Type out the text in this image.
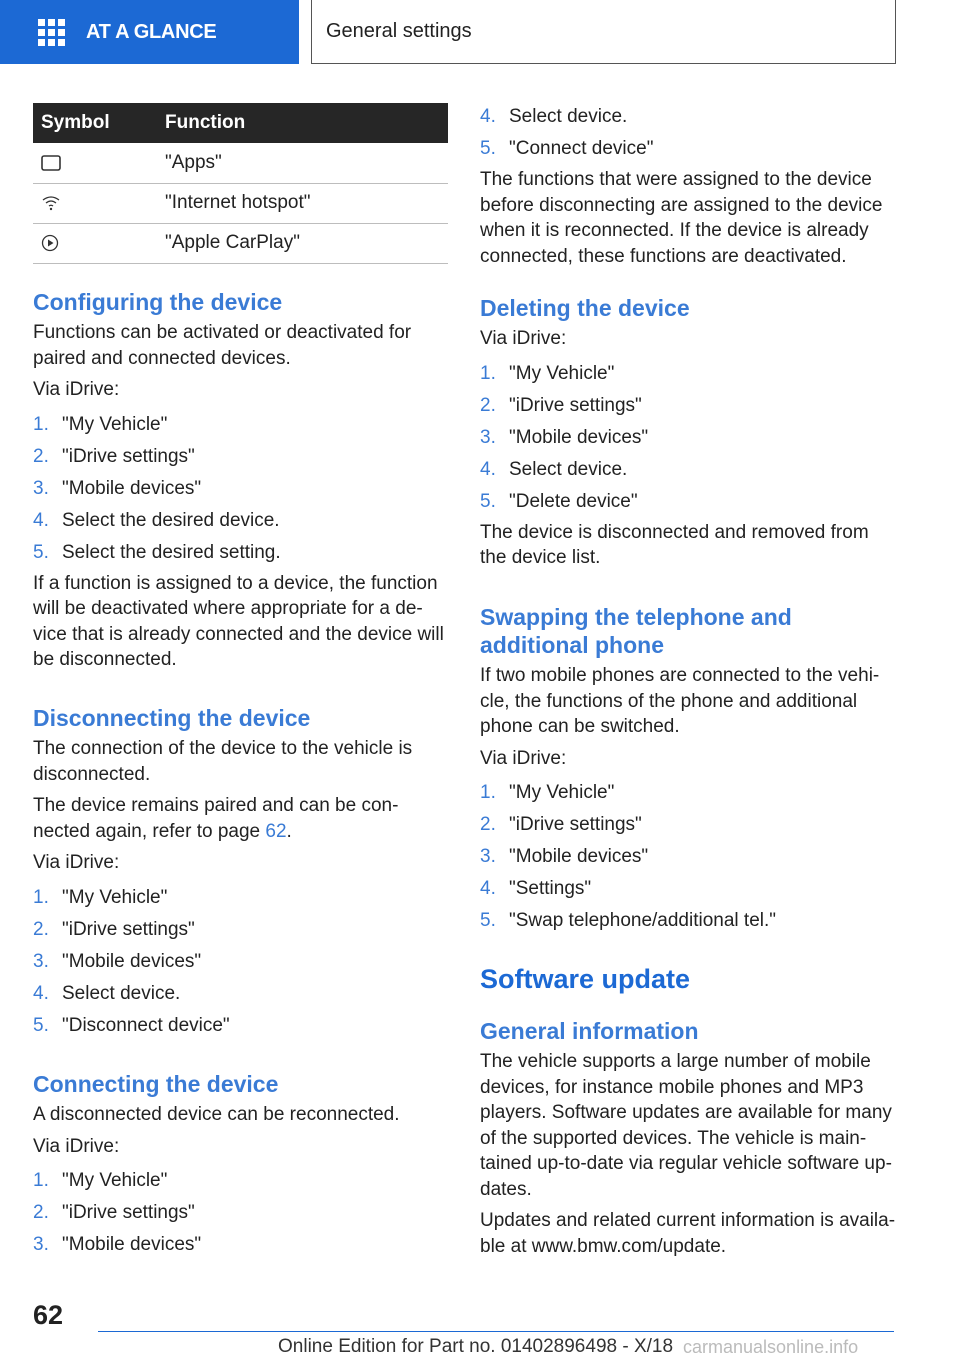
AT A GLANCE	General settings
Symbol	Function
	"Apps"
	"Internet hotspot"
	"Apple CarPlay"
Configuring the device

Functions can be activated or deactivated for paired and connected devices.

Via iDrive:

1. "My Vehicle"
2. "iDrive settings"
3. "Mobile devices"
4. Select the desired device.
5. Select the desired setting.

If a function is assigned to a device, the function will be deactivated where appropriate for a de-vice that is already connected and the device will be disconnected.

Disconnecting the device

The connection of the device to the vehicle is disconnected.

The device remains paired and can be con-nected again, refer to page 62.

Via iDrive:

1. "My Vehicle"
2. "iDrive settings"
3. "Mobile devices"
4. Select device.
5. "Disconnect device"
Connecting the device

A disconnected device can be reconnected.

Via iDrive:

1. "My Vehicle"
2. "iDrive settings"
3. "Mobile devices"
4. Select device.
5. "Connect device"

The functions that were assigned to the device before disconnecting are assigned to the device when it is reconnected. If the device is already connected, these functions are deactivated.

Deleting the device

Via iDrive:

1. "My Vehicle"
2. "iDrive settings"
3. "Mobile devices"
4. Select device.
5. "Delete device"

The device is disconnected and removed from the device list.

Swapping the telephone and
additional phone

If two mobile phones are connected to the vehi-cle, the functions of the phone and additional phone can be switched.

Via iDrive:

1. "My Vehicle"
2. "iDrive settings"
3. "Mobile devices"
4. "Settings"
5. "Swap telephone/additional tel."
Software update
General information

The vehicle supports a large number of mobile devices, for instance mobile phones and MP3 players. Software updates are available for many of the supported devices. The vehicle is main-tained up-to-date via regular vehicle software up-dates.

Updates and related current information is availa-ble at www.bmw.com/update.

62
Online Edition for Part no. 01402896498 - X/18 carmanualsonline.info
